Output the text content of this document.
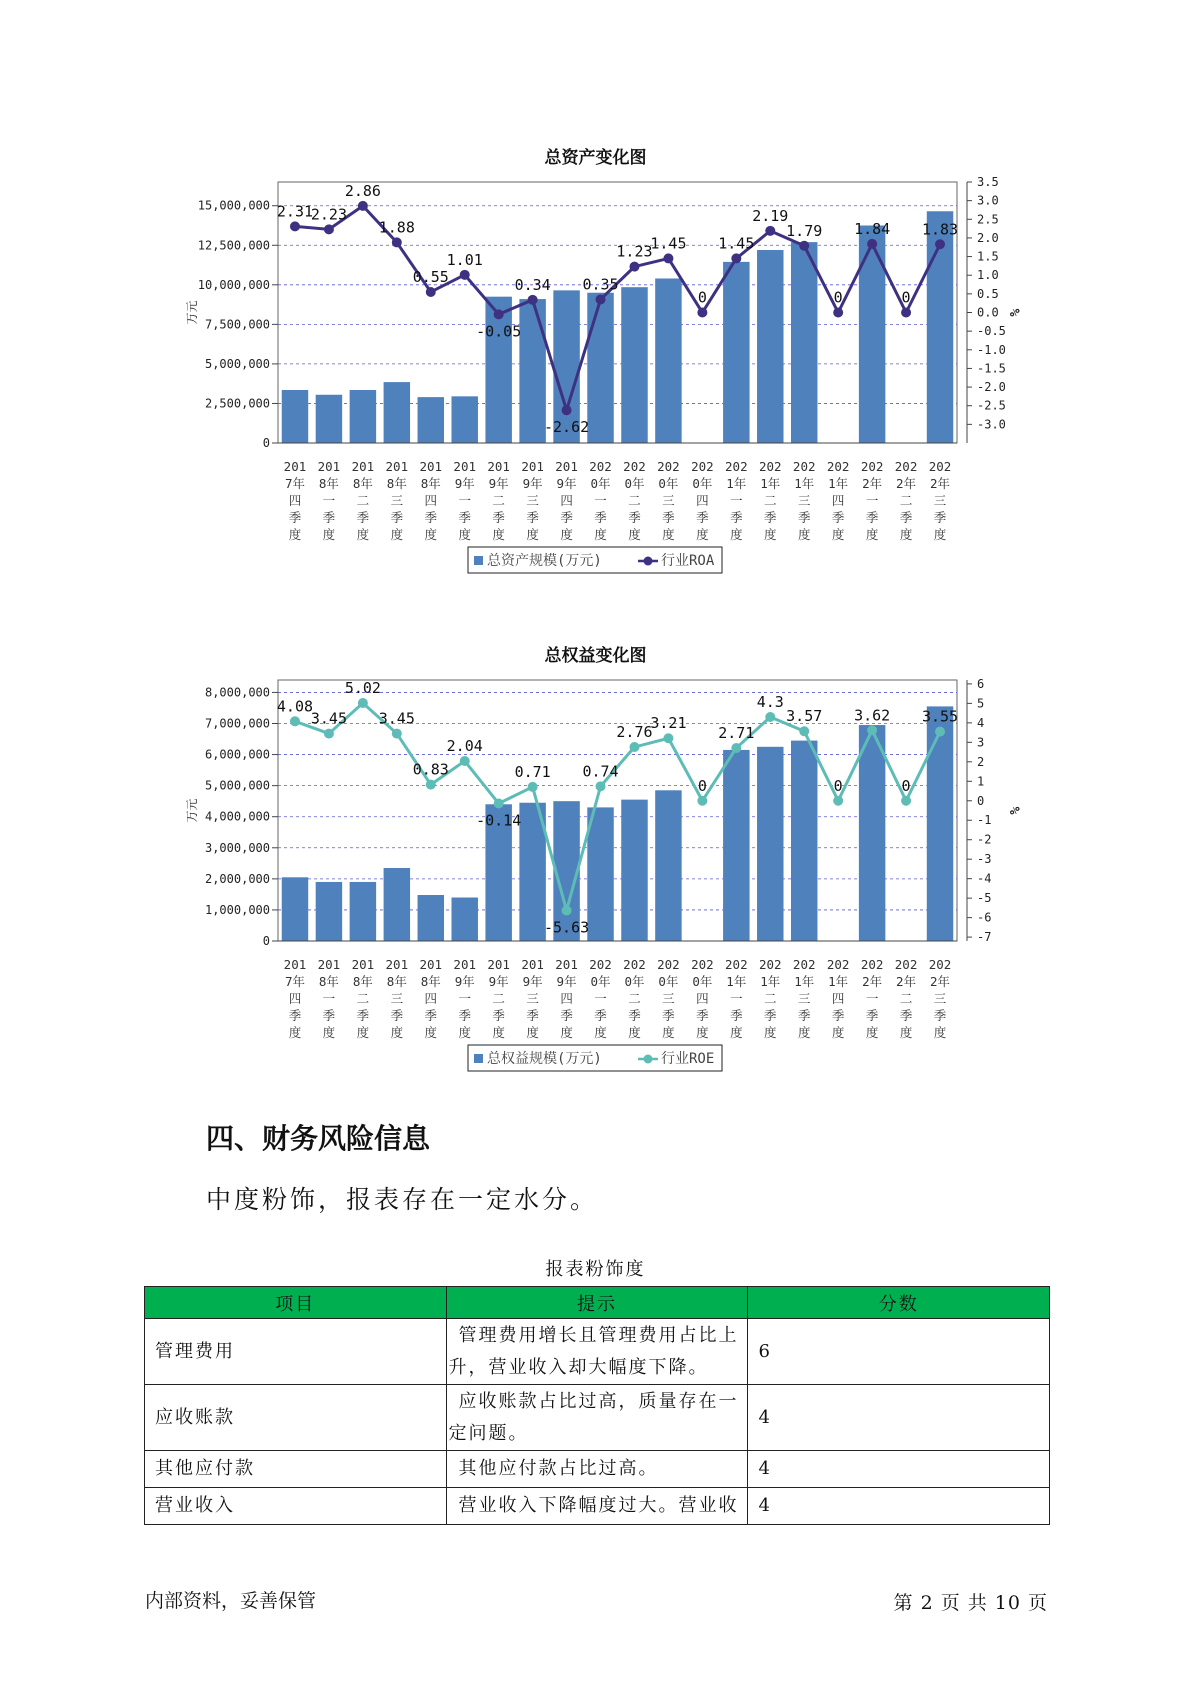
总资产变化图
0
2,500,000
5,000,000
7,500,000
10,000,000
12,500,000
15,000,000
3.5
3.0
2.5
2.0
1.5
1.0
0.5
0.0
-0.5
-1.0
-1.5
-2.0
-2.5
-3.0
万元	%
201 7年四季度
201 8年一季度
201 8年二季度
201 8年三季度
201 8年四季度
201 9年一季度
201 9年二季度
201 9年三季度
201 9年四季度
202 0年一季度
202 0年二季度
202 0年三季度
202 0年四季度
202 1年一季度
202 1年二季度
202 1年三季度
202 1年四季度
202 2年一季度
202 2年二季度
202 2年三季度
2.31
2.23
2.86
1.88
0.55
1.01
-0.05
0.34
-2.62
0.35
1.23
1.45
0
1.45
2.19
1.79
0
1.84
0
1.83
总资产规模(万元)	行业ROA
总权益变化图
0
1,000,000
2,000,000
3,000,000
4,000,000
5,000,000
6,000,000
7,000,000
8,000,000
6
5
4
3
2
1
0
-1
-2
-3
-4
-5
-6
-7
万元	%
201 7年四季度
201 8年一季度
201 8年二季度
201 8年三季度
201 8年四季度
201 9年一季度
201 9年二季度
201 9年三季度
201 9年四季度
202 0年一季度
202 0年二季度
202 0年三季度
202 0年四季度
202 1年一季度
202 1年二季度
202 1年三季度
202 1年四季度
202 2年一季度
202 2年二季度
202 2年三季度
4.08
3.45
5.02
3.45
0.83
2.04
-0.14
0.71
-5.63
0.74
2.76
3.21
0
2.71
4.3
3.57
0
3.62
0
3.55
总权益规模(万元)	行业ROE
四、财务风险信息
中度粉饰，报表存在一定水分。
报表粉饰度
项目	提示	分数
管理费用	管理费用增长且管理费用占比上升，营业收入却大幅度下降。	6
应收账款	应收账款占比过高，质量存在一定问题。	4
其他应付款	其他应付款占比过高。	4
营业收入	营业收入下降幅度过大。营业收	4
内部资料，妥善保管	第 2 页 共 10 页
